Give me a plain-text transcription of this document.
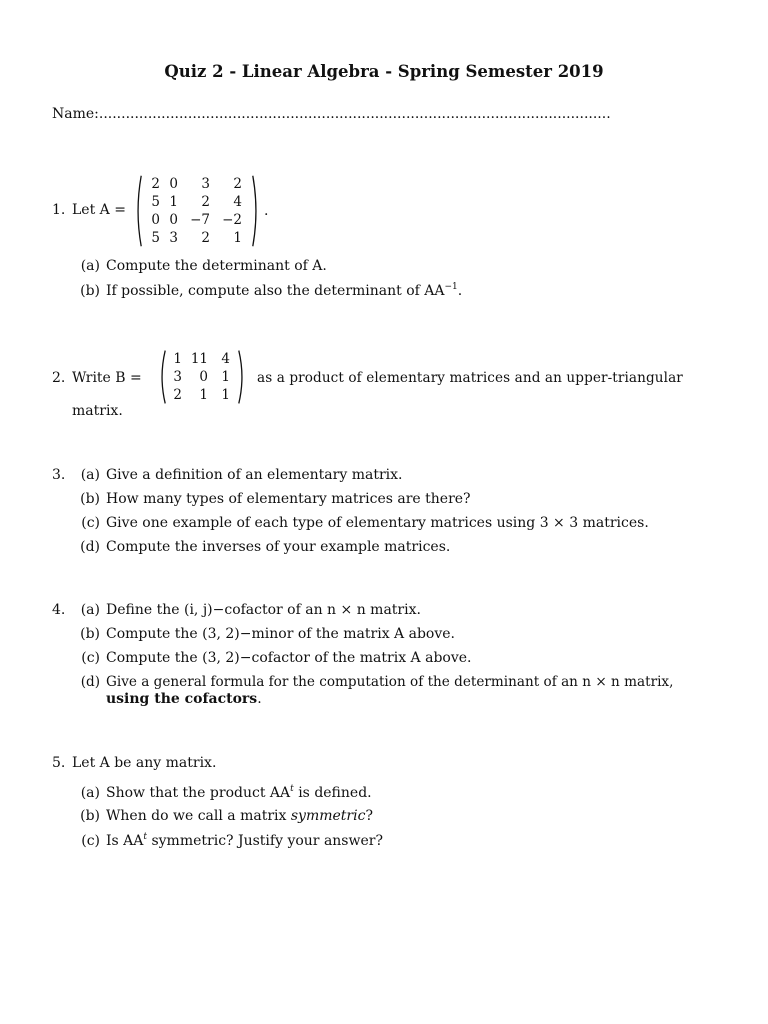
Quiz 2 - Linear Algebra - Spring Semester 2019
Name:...................................................................................................................
1. Let A =
2	0	3	2
5	1	2	4
0	0	−7	−2
5	3	2	1
.
(a) Compute the determinant of A.
(b) If possible, compute also the determinant of $AA^{-1}$.
2. Write B =
1	11	4
3	0	1
2	1	1
as a product of elementary matrices and an upper-triangular
matrix.
3.	(a) Give a definition of an elementary matrix.
(b) How many types of elementary matrices are there?
(c) Give one example of each type of elementary matrices using 3 × 3 matrices.
(d) Compute the inverses of your example matrices.
4.	(a) Define the (i, j)−cofactor of an n × n matrix.
(b) Compute the (3, 2)−minor of the matrix A above.
(c) Compute the (3, 2)−cofactor of the matrix A above.
(d) Give a general formula for the computation of the determinant of an n × n matrix,
using the cofactors.
5. Let A be any matrix.
(a) Show that the product $AA^t$ is defined.
(b) When do we call a matrix symmetric?
(c) Is $AA^t$ symmetric? Justify your answer?
